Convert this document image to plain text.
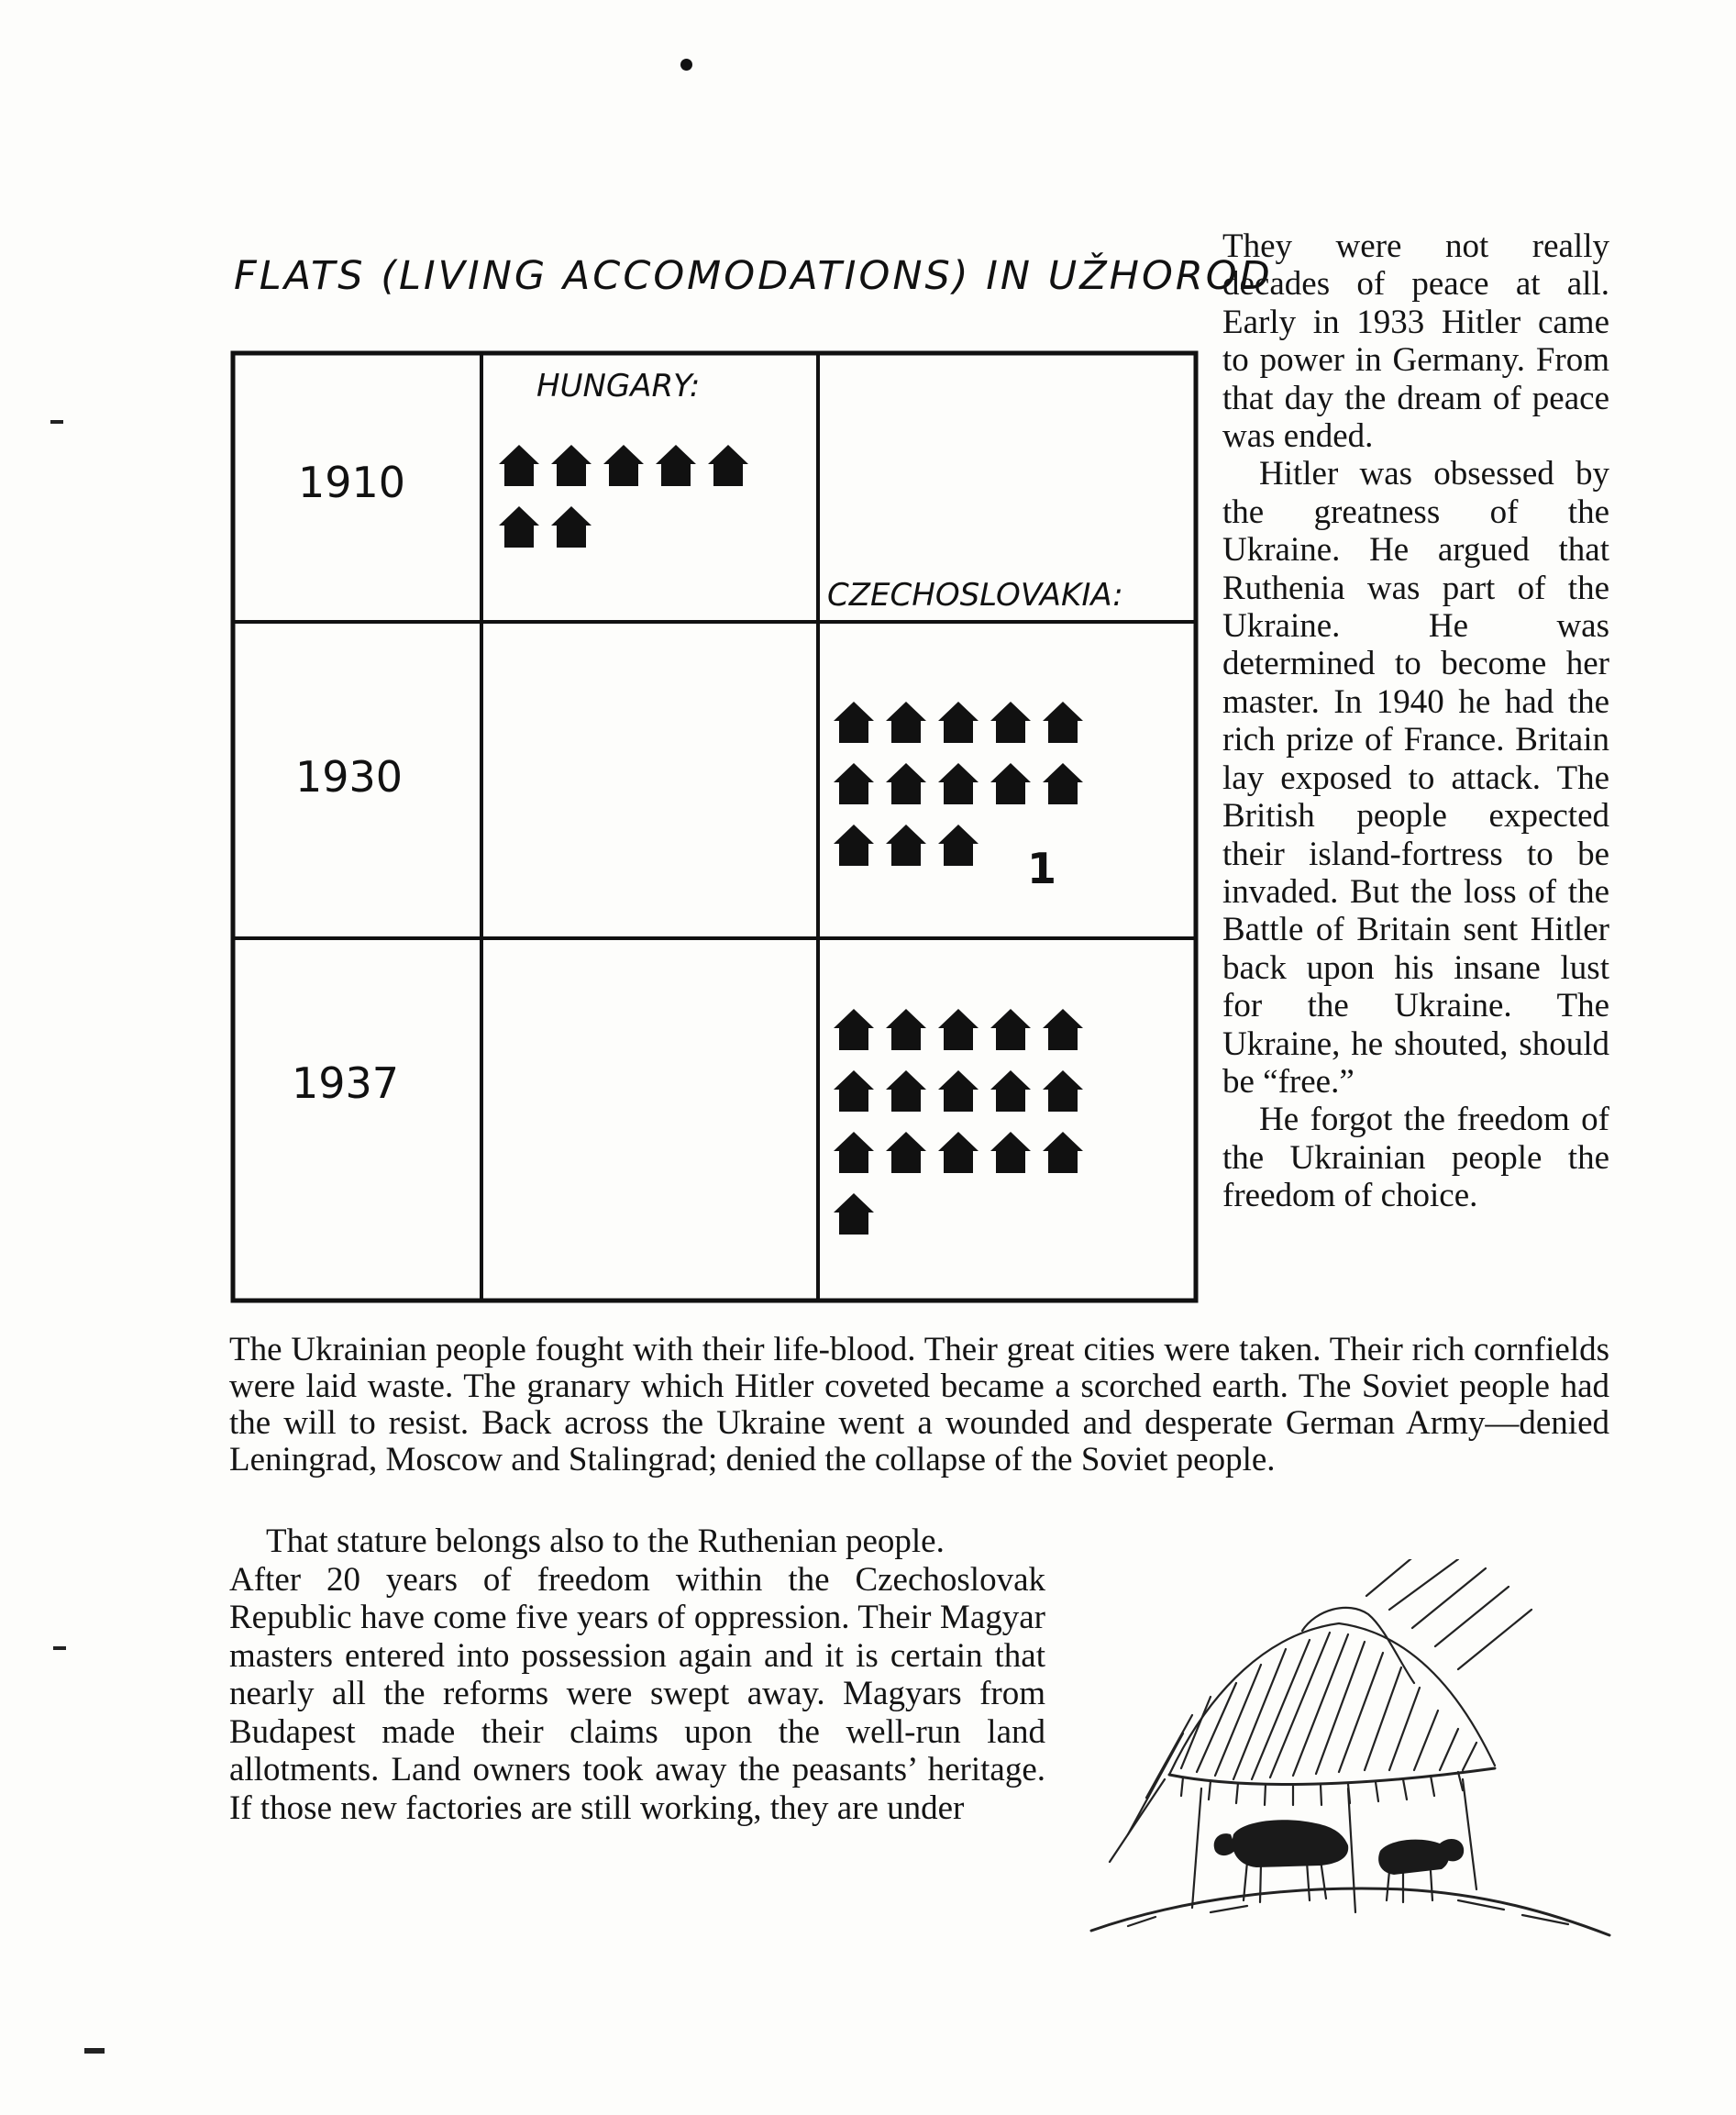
FLATS (LIVING ACCOMODATIONS) IN UŽHOROD
HUNGARY:
CZECHOSLOVAKIA:
1910
1930
1937
1

They were not really decades of peace at all. Early in 1933 Hitler came to power in Germany. From that day the dream of peace was ended.

Hitler was obsessed by the greatness of the Ukraine. He argued that Ruthenia was part of the Ukraine. He was determined to become her master. In 1940 he had the rich prize of France. Britain lay exposed to attack. The British people expected their island-fortress to be invaded. But the loss of the Battle of Britain sent Hitler back upon his insane lust for the Ukraine. The Ukraine, he shouted, should be “free.”

He forgot the freedom of the Ukrainian people the freedom of choice.

The Ukrainian people fought with their life-blood. Their great cities were taken. Their rich cornfields were laid waste. The granary which Hitler coveted became a scorched earth. The Soviet people had the will to resist. Back across the Ukraine went a wounded and desperate German Army—denied Leningrad, Moscow and Stalingrad; denied the collapse of the Soviet people.

That stature belongs also to the Ruthenian people.

After 20 years of freedom within the Czechoslovak Republic have come five years of oppression. Their Magyar masters entered into possession again and it is certain that nearly all the reforms were swept away. Magyars from Budapest made their claims upon the well-run land allotments. Land owners took away the peasants’ heritage. If those new factories are still working, they are under
